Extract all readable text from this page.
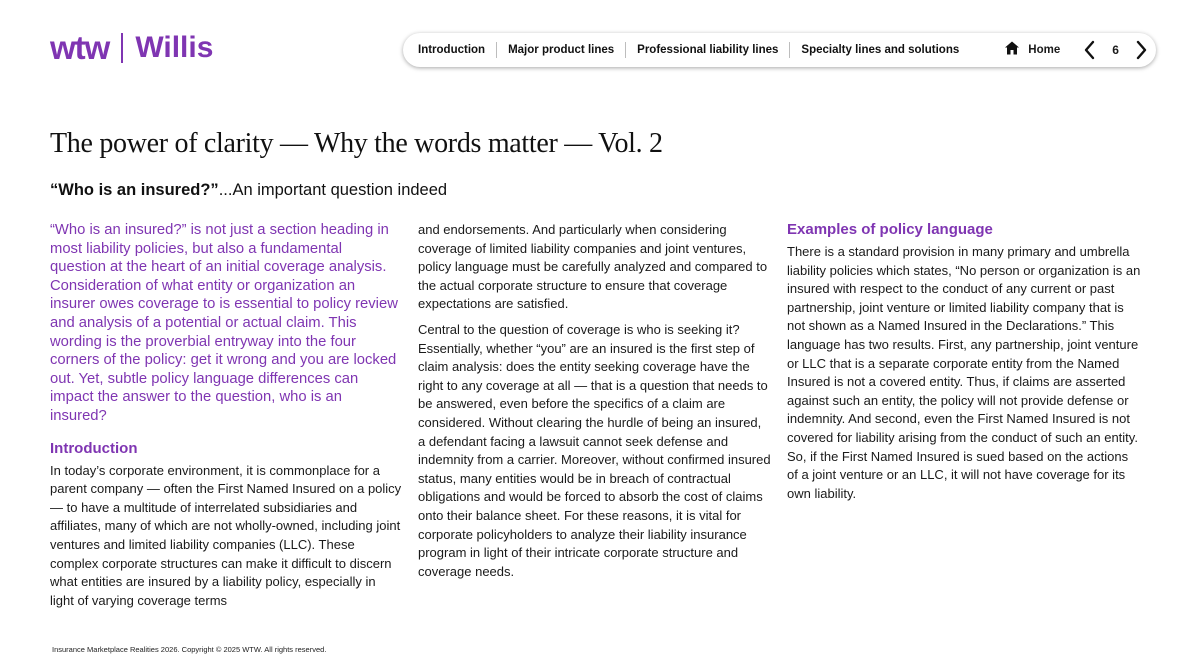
wtw Willis	Introduction	Major product lines	Professional liability lines	Specialty lines and solutions	Home	6
The power of clarity — Why the words matter — Vol. 2
“Who is an insured?”...An important question indeed

“Who is an insured?” is not just a section heading in most liability policies, but also a fundamental question at the heart of an initial coverage analysis. Consideration of what entity or organization an insurer owes coverage to is essential to policy review and analysis of a potential or actual claim. This wording is the proverbial entryway into the four corners of the policy: get it wrong and you are locked out. Yet, subtle policy language differences can impact the answer to the question, who is an insured?

Introduction

In today’s corporate environment, it is commonplace for a parent company — often the First Named Insured on a policy — to have a multitude of interrelated subsidiaries and affiliates, many of which are not wholly-owned, including joint ventures and limited liability companies (LLC). These complex corporate structures can make it difficult to discern what entities are insured by a liability policy, especially in light of varying coverage terms

and endorsements. And particularly when considering coverage of limited liability companies and joint ventures, policy language must be carefully analyzed and compared to the actual corporate structure to ensure that coverage expectations are satisfied.

Central to the question of coverage is who is seeking it? Essentially, whether “you” are an insured is the first step of claim analysis: does the entity seeking coverage have the right to any coverage at all — that is a question that needs to be answered, even before the specifics of a claim are considered. Without clearing the hurdle of being an insured, a defendant facing a lawsuit cannot seek defense and indemnity from a carrier. Moreover, without confirmed insured status, many entities would be in breach of contractual obligations and would be forced to absorb the cost of claims onto their balance sheet. For these reasons, it is vital for corporate policyholders to analyze their liability insurance program in light of their intricate corporate structure and coverage needs.

Examples of policy language

There is a standard provision in many primary and umbrella liability policies which states, “No person or organization is an insured with respect to the conduct of any current or past partnership, joint venture or limited liability company that is not shown as a Named Insured in the Declarations.” This language has two results. First, any partnership, joint venture or LLC that is a separate corporate entity from the Named Insured is not a covered entity. Thus, if claims are asserted against such an entity, the policy will not provide defense or indemnity. And second, even the First Named Insured is not covered for liability arising from the conduct of such an entity. So, if the First Named Insured is sued based on the actions of a joint venture or an LLC, it will not have coverage for its own liability.

Insurance Marketplace Realities 2026. Copyright © 2025 WTW. All rights reserved.
